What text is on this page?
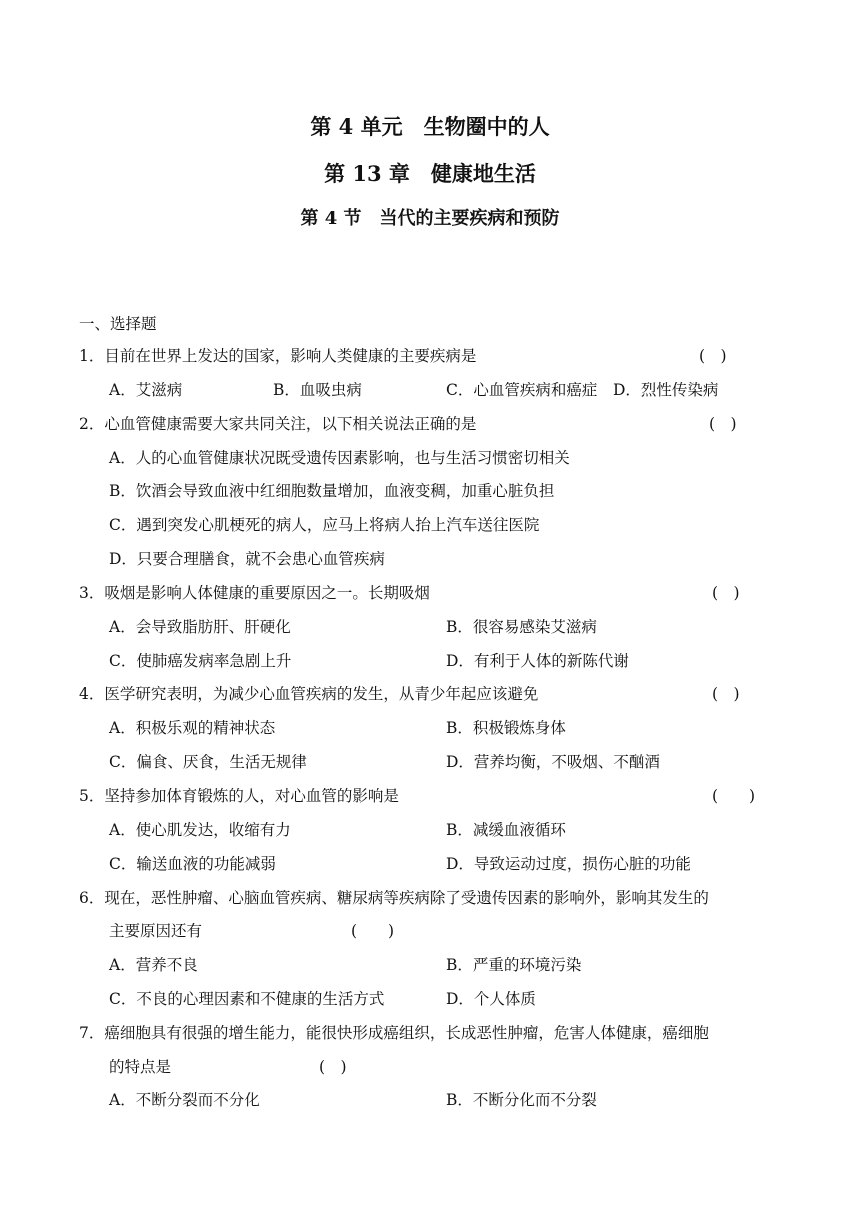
第 4 单元　生物圈中的人
第 13 章　健康地生活
第 4 节　当代的主要疾病和预防
一、选择题
1．目前在世界上发达的国家，影响人类健康的主要疾病是	(　)
A．艾滋病	B．血吸虫病	C．心血管疾病和癌症 D．烈性传染病
2．心血管健康需要大家共同关注，以下相关说法正确的是	(　)
A．人的心血管健康状况既受遗传因素影响，也与生活习惯密切相关
B．饮酒会导致血液中红细胞数量增加，血液变稠，加重心脏负担
C．遇到突发心肌梗死的病人，应马上将病人抬上汽车送往医院
D．只要合理膳食，就不会患心血管疾病
3．吸烟是影响人体健康的重要原因之一。长期吸烟	(　)
A．会导致脂肪肝、肝硬化	B．很容易感染艾滋病
C．使肺癌发病率急剧上升	D．有利于人体的新陈代谢
4．医学研究表明，为减少心血管疾病的发生，从青少年起应该避免	(　)
A．积极乐观的精神状态	B．积极锻炼身体
C．偏食、厌食，生活无规律	D．营养均衡，不吸烟、不酗酒
5．坚持参加体育锻炼的人，对心血管的影响是	(　　)
A．使心肌发达，收缩有力	B．减缓血液循环
C．输送血液的功能减弱	D．导致运动过度，损伤心脏的功能
6．现在，恶性肿瘤、心脑血管疾病、糖尿病等疾病除了受遗传因素的影响外，影响其发生的
主要原因还有	(　　)
A．营养不良	B．严重的环境污染
C．不良的心理因素和不健康的生活方式	D．个人体质
7．癌细胞具有很强的增生能力，能很快形成癌组织，长成恶性肿瘤，危害人体健康，癌细胞
的特点是	(　)
A．不断分裂而不分化	B．不断分化而不分裂
